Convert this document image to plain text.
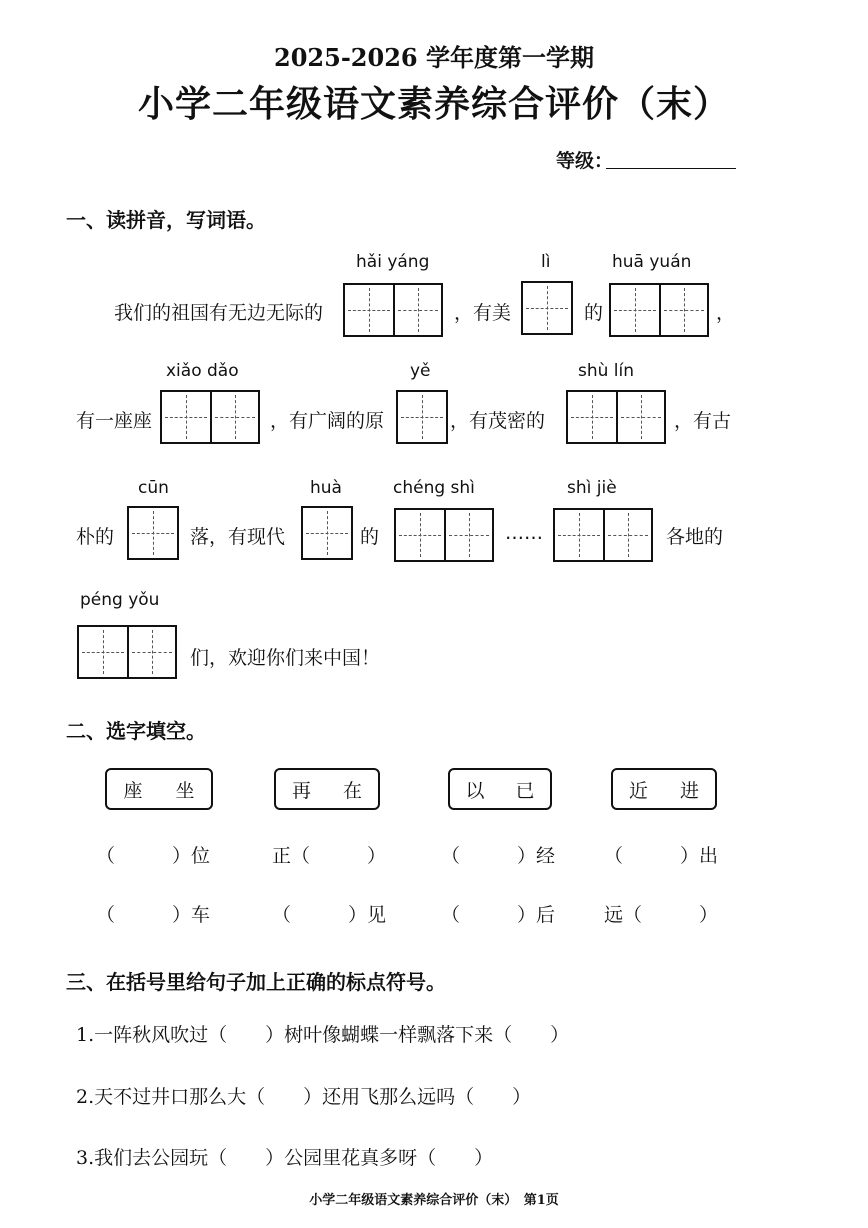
2025-2026 学年度第一学期
小学二年级语文素养综合评价（末）
等级：
一、读拼音，写词语。
hǎi yáng	lì	huā yuán
我们的祖国有无边无际的	，有美	的	，
xiǎo dǎo	yě	shù lín
有一座座	，有广阔的原	，有茂密的	，有古
cūn	huà	chéng shì	shì jiè
朴的	落，有现代	的	……	各地的
péng yǒu
们，欢迎你们来中国！
二、选字填空。
座 坐	再 在	以 已	近 进
（　　　）位	正（　　　）	（　　　）经	（　　　）出
（　　　）车	（　　　）见	（　　　）后	远（　　　）
三、在括号里给句子加上正确的标点符号。
1.一阵秋风吹过（　　）树叶像蝴蝶一样飘落下来（　　）
2.天不过井口那么大（　　）还用飞那么远吗（　　）
3.我们去公园玩（　　）公园里花真多呀（　　）
小学二年级语文素养综合评价（末）　第1页
